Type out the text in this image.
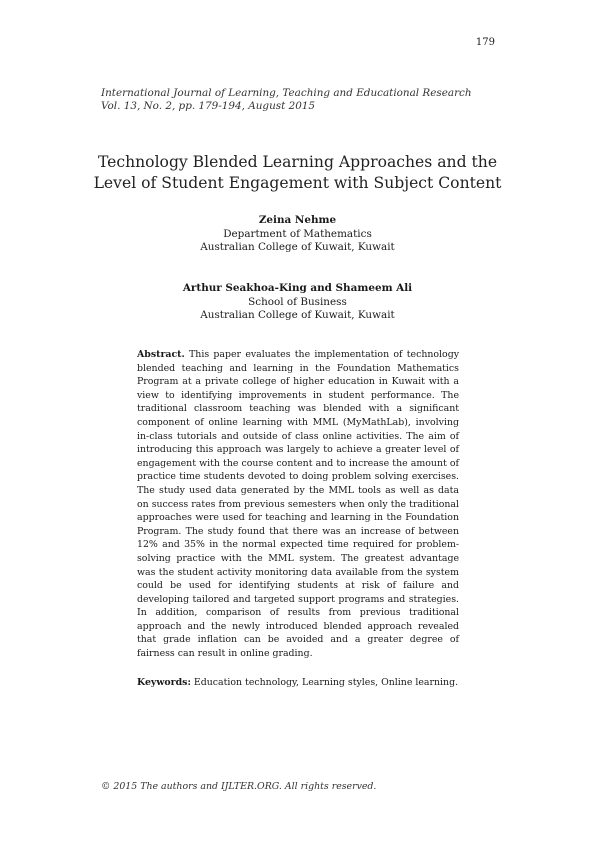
179
International Journal of Learning, Teaching and Educational Research
Vol. 13, No. 2, pp. 179-194, August 2015
Technology Blended Learning Approaches and the
Level of Student Engagement with Subject Content
Zeina Nehme
Department of Mathematics
Australian College of Kuwait, Kuwait
Arthur Seakhoa-King and Shameem Ali
School of Business
Australian College of Kuwait, Kuwait

Abstract. This paper evaluates the implementation of technology blended teaching and learning in the Foundation Mathematics Program at a private college of higher education in Kuwait with a view to identifying improvements in student performance. The traditional classroom teaching was blended with a significant component of online learning with MML (MyMathLab), involving in-class tutorials and outside of class online activities. The aim of introducing this approach was largely to achieve a greater level of engagement with the course content and to increase the amount of practice time students devoted to doing problem solving exercises. The study used data generated by the MML tools as well as data on success rates from previous semesters when only the traditional approaches were used for teaching and learning in the Foundation Program. The study found that there was an increase of between 12% and 35% in the normal expected time required for problem-solving practice with the MML system. The greatest advantage was the student activity monitoring data available from the system could be used for identifying students at risk of failure and developing tailored and targeted support programs and strategies. In addition, comparison of results from previous traditional approach and the newly introduced blended approach revealed that grade inflation can be avoided and a greater degree of fairness can result in online grading.

Keywords: Education technology, Learning styles, Online learning.

© 2015 The authors and IJLTER.ORG. All rights reserved.
